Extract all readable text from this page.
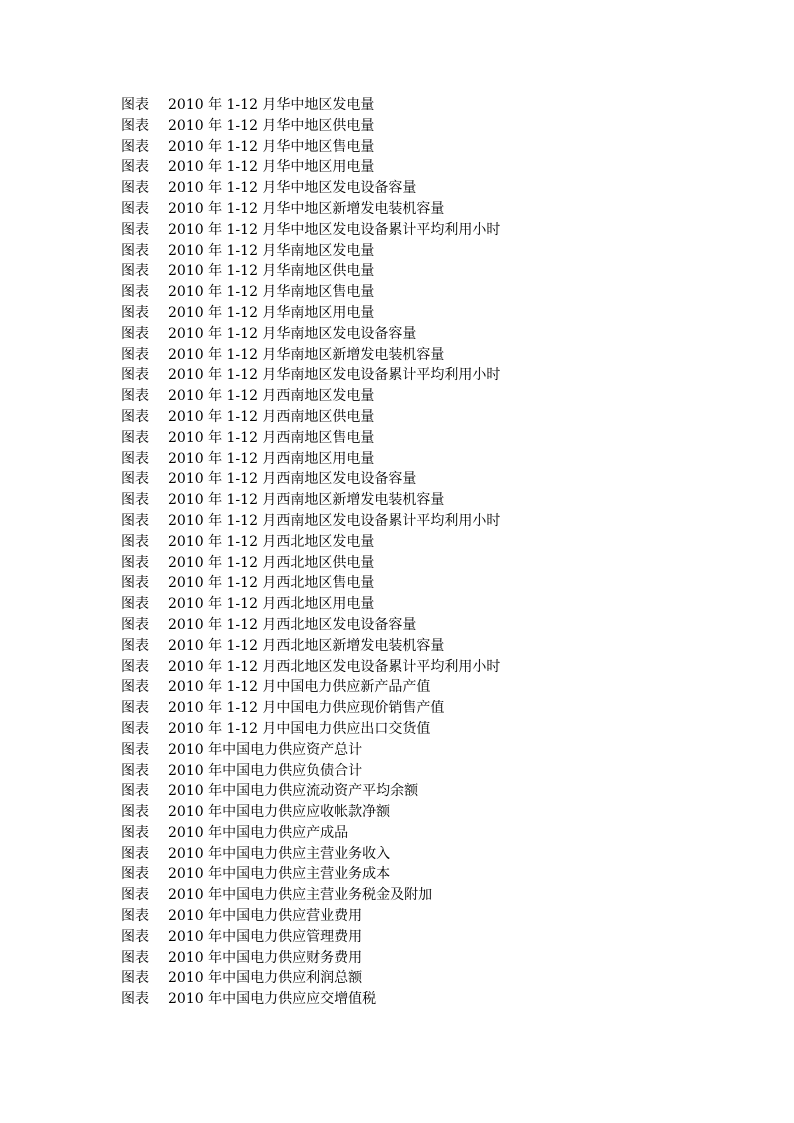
图表 2010 年 1-12 月华中地区发电量
图表 2010 年 1-12 月华中地区供电量
图表 2010 年 1-12 月华中地区售电量
图表 2010 年 1-12 月华中地区用电量
图表 2010 年 1-12 月华中地区发电设备容量
图表 2010 年 1-12 月华中地区新增发电装机容量
图表 2010 年 1-12 月华中地区发电设备累计平均利用小时
图表 2010 年 1-12 月华南地区发电量
图表 2010 年 1-12 月华南地区供电量
图表 2010 年 1-12 月华南地区售电量
图表 2010 年 1-12 月华南地区用电量
图表 2010 年 1-12 月华南地区发电设备容量
图表 2010 年 1-12 月华南地区新增发电装机容量
图表 2010 年 1-12 月华南地区发电设备累计平均利用小时
图表 2010 年 1-12 月西南地区发电量
图表 2010 年 1-12 月西南地区供电量
图表 2010 年 1-12 月西南地区售电量
图表 2010 年 1-12 月西南地区用电量
图表 2010 年 1-12 月西南地区发电设备容量
图表 2010 年 1-12 月西南地区新增发电装机容量
图表 2010 年 1-12 月西南地区发电设备累计平均利用小时
图表 2010 年 1-12 月西北地区发电量
图表 2010 年 1-12 月西北地区供电量
图表 2010 年 1-12 月西北地区售电量
图表 2010 年 1-12 月西北地区用电量
图表 2010 年 1-12 月西北地区发电设备容量
图表 2010 年 1-12 月西北地区新增发电装机容量
图表 2010 年 1-12 月西北地区发电设备累计平均利用小时
图表 2010 年 1-12 月中国电力供应新产品产值
图表 2010 年 1-12 月中国电力供应现价销售产值
图表 2010 年 1-12 月中国电力供应出口交货值
图表 2010 年中国电力供应资产总计
图表 2010 年中国电力供应负债合计
图表 2010 年中国电力供应流动资产平均余额
图表 2010 年中国电力供应应收帐款净额
图表 2010 年中国电力供应产成品
图表 2010 年中国电力供应主营业务收入
图表 2010 年中国电力供应主营业务成本
图表 2010 年中国电力供应主营业务税金及附加
图表 2010 年中国电力供应营业费用
图表 2010 年中国电力供应管理费用
图表 2010 年中国电力供应财务费用
图表 2010 年中国电力供应利润总额
图表 2010 年中国电力供应应交增值税
